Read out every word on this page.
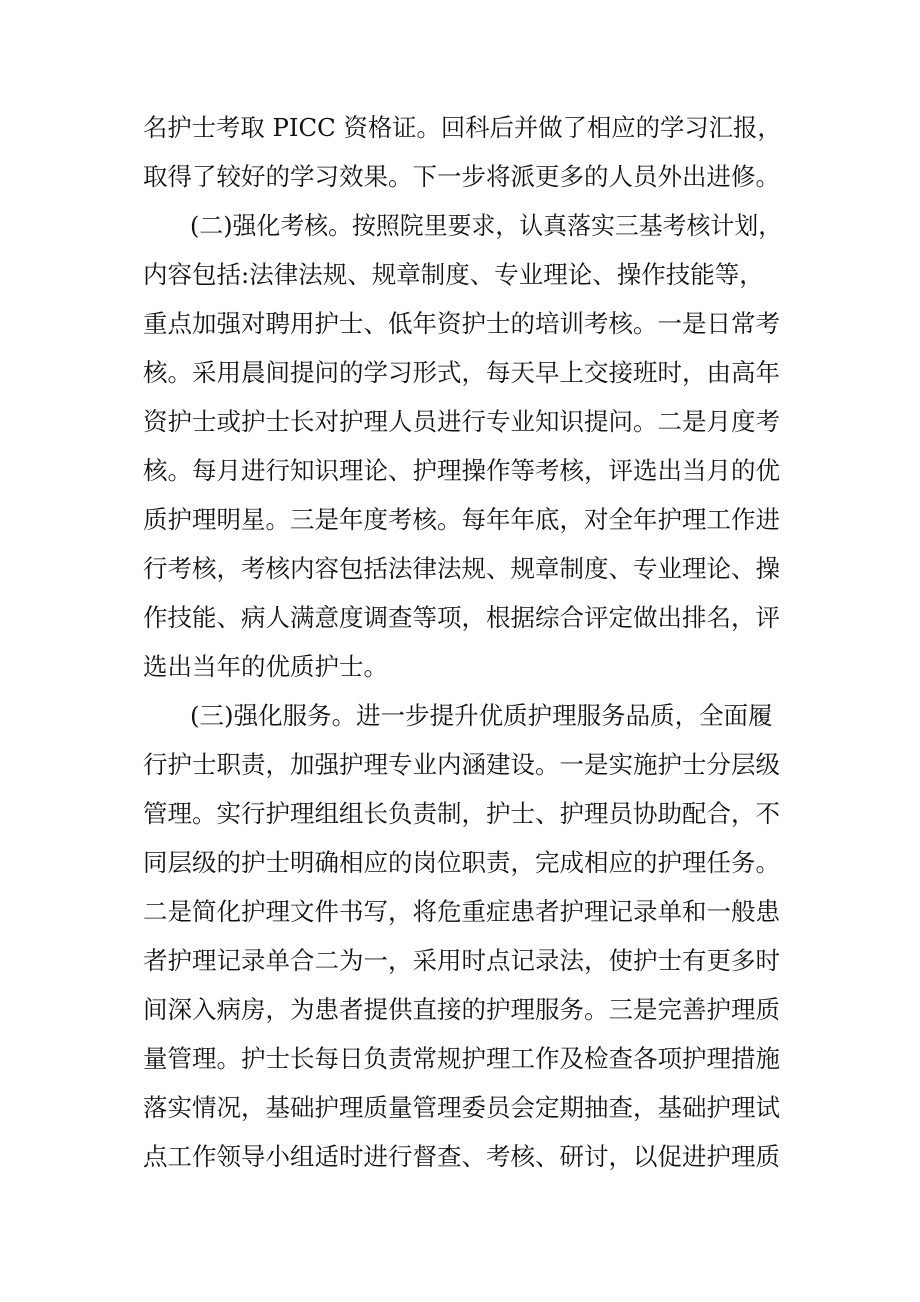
名护士考取 PICC 资格证。回科后并做了相应的学习汇报，
取得了较好的学习效果。下一步将派更多的人员外出进修。
(二)强化考核。按照院里要求，认真落实三基考核计划，
内容包括:法律法规、规章制度、专业理论、操作技能等，
重点加强对聘用护士、低年资护士的培训考核。一是日常考
核。采用晨间提问的学习形式，每天早上交接班时，由高年
资护士或护士长对护理人员进行专业知识提问。二是月度考
核。每月进行知识理论、护理操作等考核，评选出当月的优
质护理明星。三是年度考核。每年年底，对全年护理工作进
行考核，考核内容包括法律法规、规章制度、专业理论、操
作技能、病人满意度调查等项，根据综合评定做出排名，评
选出当年的优质护士。
(三)强化服务。进一步提升优质护理服务品质，全面履
行护士职责，加强护理专业内涵建设。一是实施护士分层级
管理。实行护理组组长负责制，护士、护理员协助配合，不
同层级的护士明确相应的岗位职责，完成相应的护理任务。
二是简化护理文件书写，将危重症患者护理记录单和一般患
者护理记录单合二为一，采用时点记录法，使护士有更多时
间深入病房，为患者提供直接的护理服务。三是完善护理质
量管理。护士长每日负责常规护理工作及检查各项护理措施
落实情况，基础护理质量管理委员会定期抽查，基础护理试
点工作领导小组适时进行督查、考核、研讨，以促进护理质
